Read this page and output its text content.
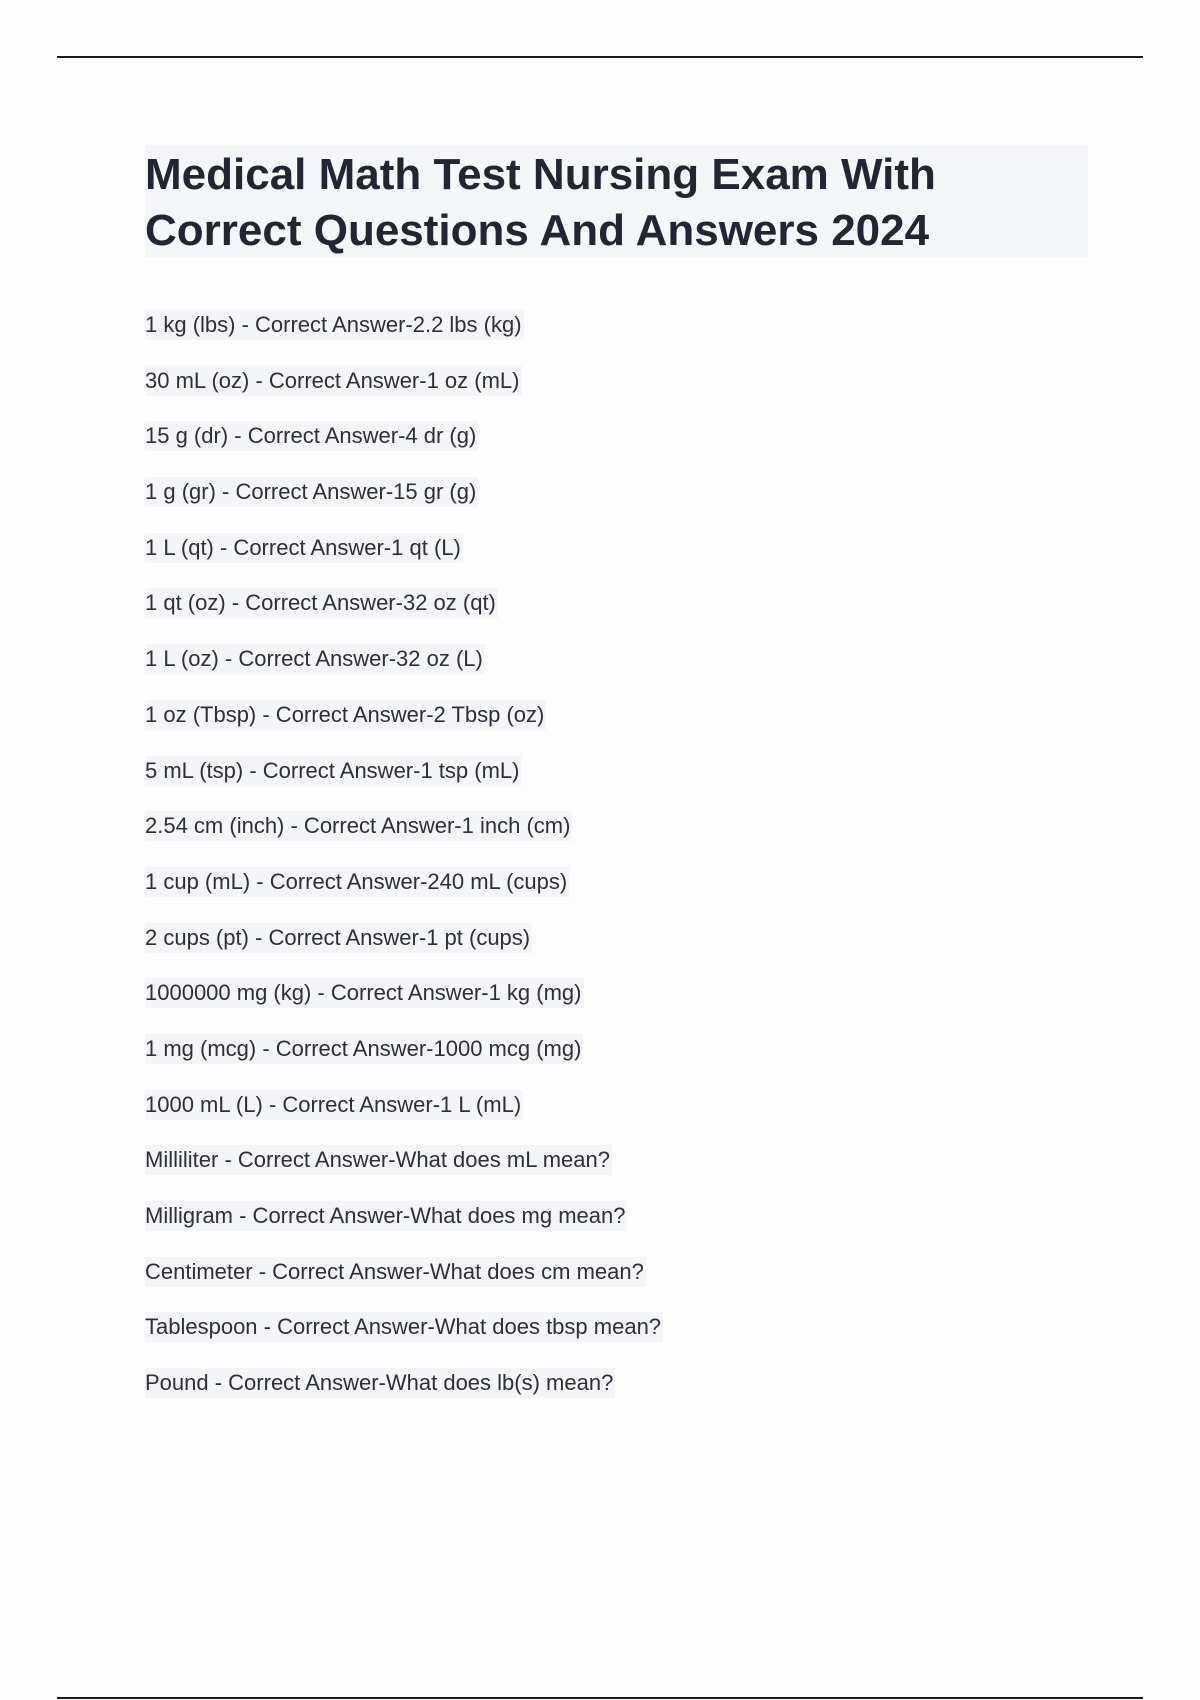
Medical Math Test Nursing Exam With Correct Questions And Answers 2024
1 kg (lbs) - Correct Answer-2.2 lbs (kg)
30 mL (oz) - Correct Answer-1 oz (mL)
15 g (dr) - Correct Answer-4 dr (g)
1 g (gr) - Correct Answer-15 gr (g)
1 L (qt) - Correct Answer-1 qt (L)
1 qt (oz) - Correct Answer-32 oz (qt)
1 L (oz) - Correct Answer-32 oz (L)
1 oz (Tbsp) - Correct Answer-2 Tbsp (oz)
5 mL (tsp) - Correct Answer-1 tsp (mL)
2.54 cm (inch) - Correct Answer-1 inch (cm)
1 cup (mL) - Correct Answer-240 mL (cups)
2 cups (pt) - Correct Answer-1 pt (cups)
1000000 mg (kg) - Correct Answer-1 kg (mg)
1 mg (mcg) - Correct Answer-1000 mcg (mg)
1000 mL (L) - Correct Answer-1 L (mL)
Milliliter - Correct Answer-What does mL mean?
Milligram - Correct Answer-What does mg mean?
Centimeter - Correct Answer-What does cm mean?
Tablespoon - Correct Answer-What does tbsp mean?
Pound - Correct Answer-What does lb(s) mean?
